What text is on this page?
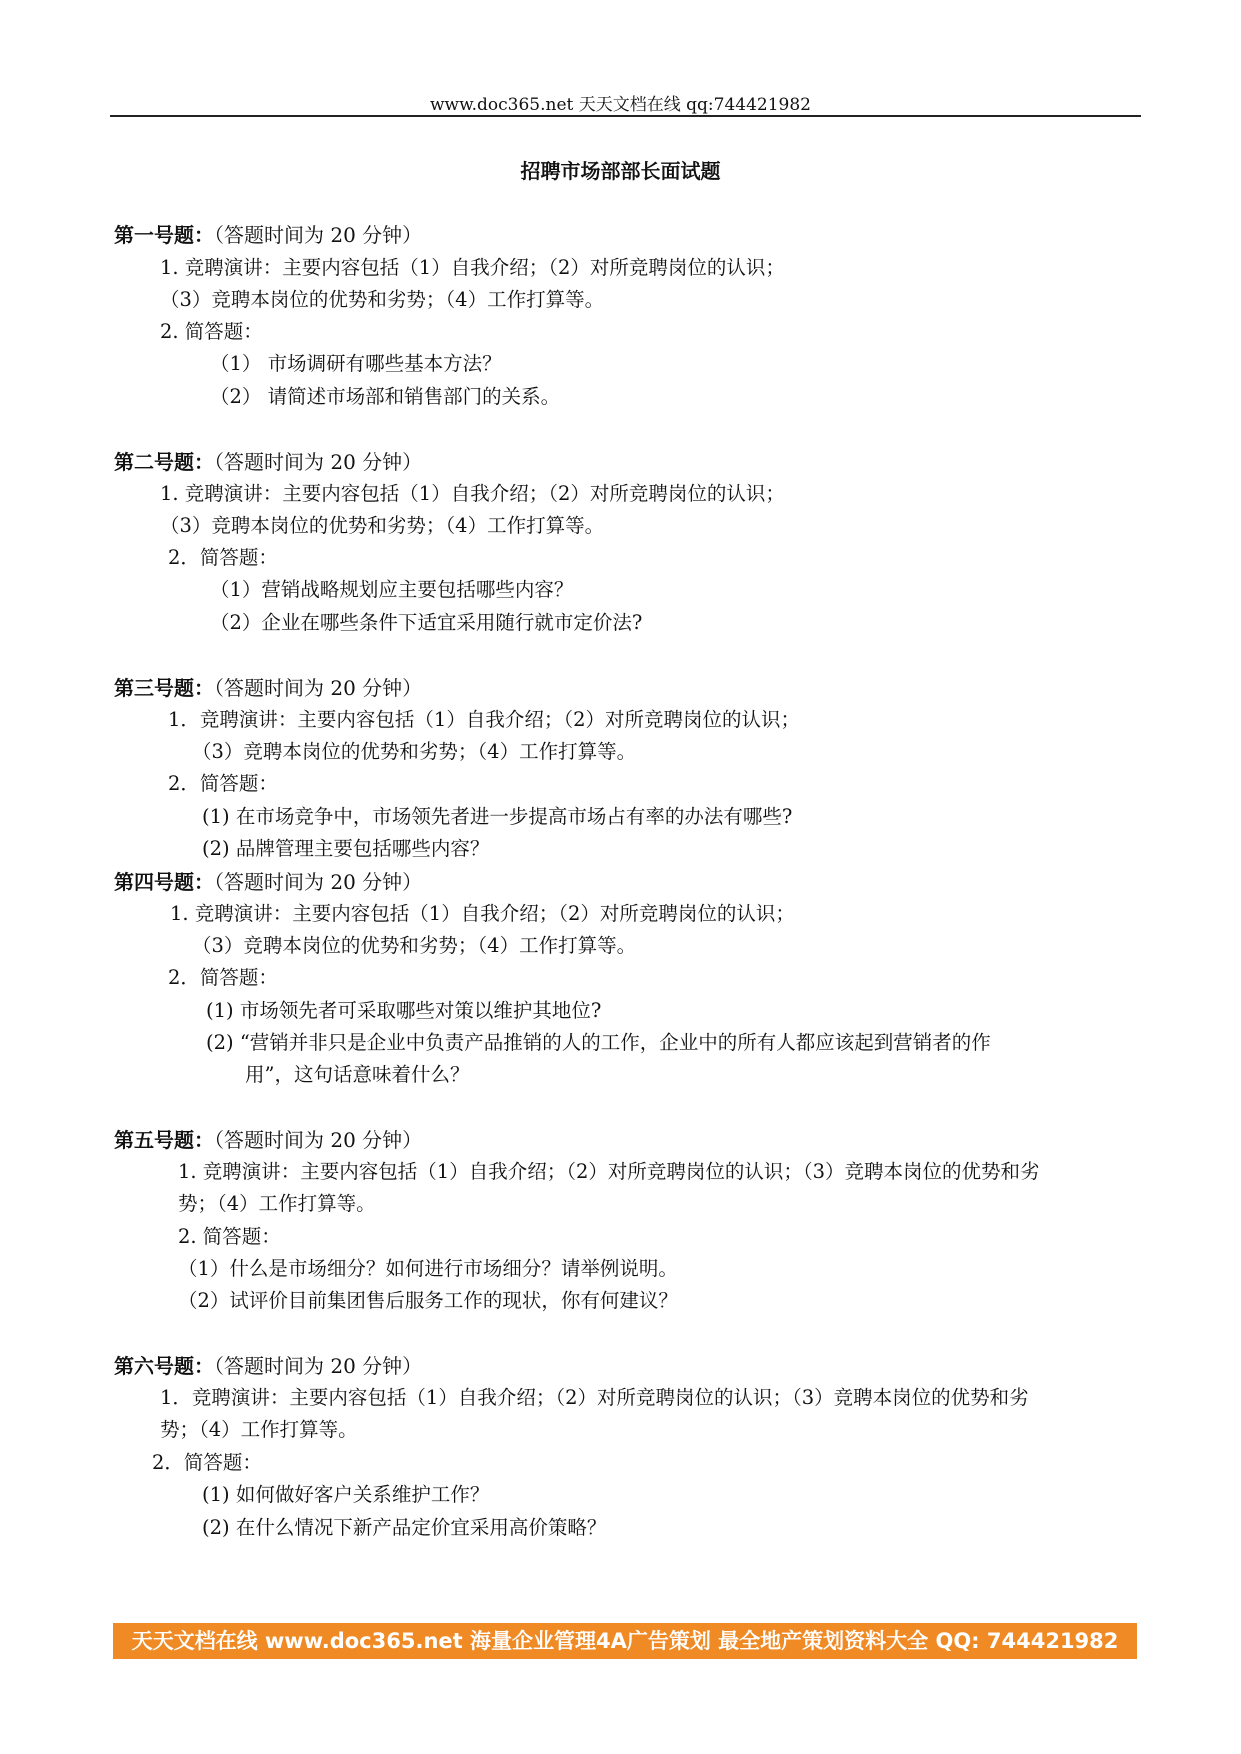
www.doc365.net 天天文档在线 qq:744421982
招聘市场部部长面试题
第一号题：（答题时间为 20 分钟）
1. 竞聘演讲：主要内容包括（1）自我介绍；（2）对所竞聘岗位的认识；
（3）竞聘本岗位的优势和劣势；（4）工作打算等。
2. 简答题：
（1） 市场调研有哪些基本方法？
（2） 请简述市场部和销售部门的关系。
第二号题：（答题时间为 20 分钟）
1. 竞聘演讲：主要内容包括（1）自我介绍；（2）对所竞聘岗位的认识；
（3）竞聘本岗位的优势和劣势；（4）工作打算等。
2．简答题：
（1）营销战略规划应主要包括哪些内容？
（2）企业在哪些条件下适宜采用随行就市定价法?
第三号题：（答题时间为 20 分钟）
1．竞聘演讲：主要内容包括（1）自我介绍；（2）对所竞聘岗位的认识；
（3）竞聘本岗位的优势和劣势；（4）工作打算等。
2．简答题：
(1) 在市场竞争中，市场领先者进一步提高市场占有率的办法有哪些?
(2) 品牌管理主要包括哪些内容？
第四号题：（答题时间为 20 分钟）
1. 竞聘演讲：主要内容包括（1）自我介绍；（2）对所竞聘岗位的认识；
（3）竞聘本岗位的优势和劣势；（4）工作打算等。
2．简答题：
(1) 市场领先者可采取哪些对策以维护其地位?
(2) “营销并非只是企业中负责产品推销的人的工作，企业中的所有人都应该起到营销者的作
用”，这句话意味着什么？
第五号题：（答题时间为 20 分钟）
1. 竞聘演讲：主要内容包括（1）自我介绍；（2）对所竞聘岗位的认识；（3）竞聘本岗位的优势和劣
势；（4）工作打算等。
2. 简答题：
（1）什么是市场细分？如何进行市场细分？请举例说明。
（2）试评价目前集团售后服务工作的现状，你有何建议？
第六号题：（答题时间为 20 分钟）
1．竞聘演讲：主要内容包括（1）自我介绍；（2）对所竞聘岗位的认识；（3）竞聘本岗位的优势和劣
势；（4）工作打算等。
2．简答题：
(1) 如何做好客户关系维护工作？
(2) 在什么情况下新产品定价宜采用高价策略？
天天文档在线 www.doc365.net 海量企业管理4A广告策划 最全地产策划资料大全 QQ: 744421982
